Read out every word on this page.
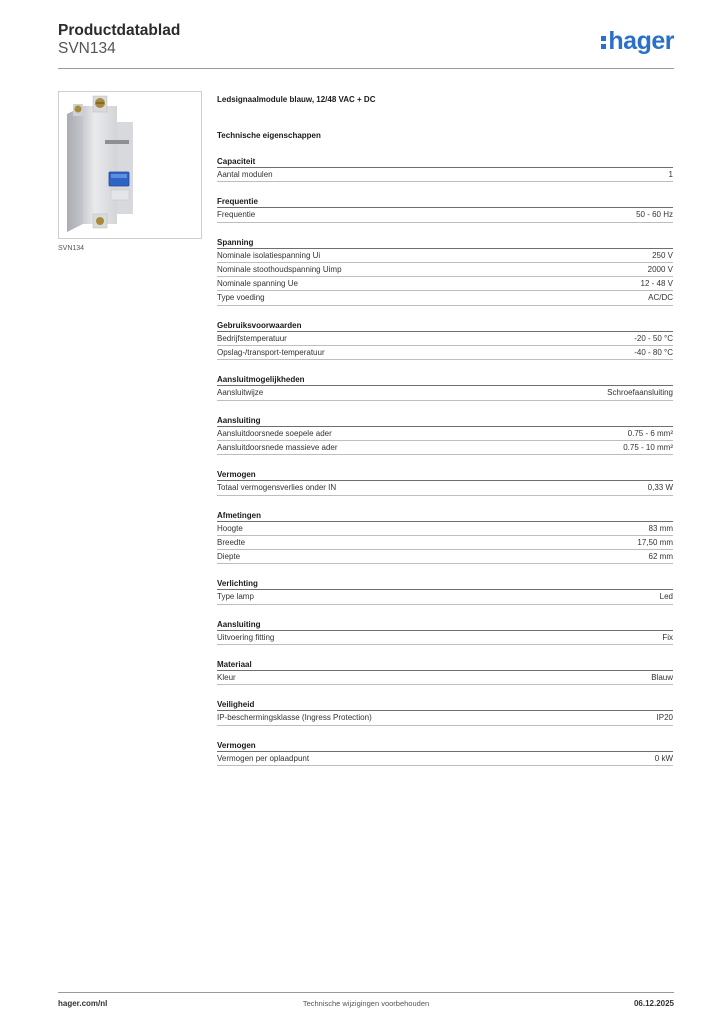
Productdatablad
SVN134	hager
SVN134
Ledsignaalmodule blauw, 12/48 VAC + DC
Technische eigenschappen
Capaciteit
Aantal modulen	1
Frequentie
Frequentie	50 - 60 Hz
Spanning
Nominale isolatiespanning Ui	250 V
Nominale stoothoudspanning Uimp	2000 V
Nominale spanning Ue	12 - 48 V
Type voeding	AC/DC
Gebruiksvoorwaarden
Bedrijfstemperatuur	-20 - 50 °C
Opslag-/transport-temperatuur	-40 - 80 °C
Aansluitmogelijkheden
Aansluitwijze	Schroefaansluiting
Aansluiting
Aansluitdoorsnede soepele ader	0.75 - 6 mm²
Aansluitdoorsnede massieve ader	0.75 - 10 mm²
Vermogen
Totaal vermogensverlies onder IN	0,33 W
Afmetingen
Hoogte	83 mm
Breedte	17,50 mm
Diepte	62 mm
Verlichting
Type lamp	Led
Aansluiting
Uitvoering fitting	Fix
Materiaal
Kleur	Blauw
Veiligheid
IP-beschermingsklasse (Ingress Protection)	IP20
Vermogen
Vermogen per oplaadpunt	0 kW
hager.com/nl	Technische wijzigingen voorbehouden	06.12.2025
